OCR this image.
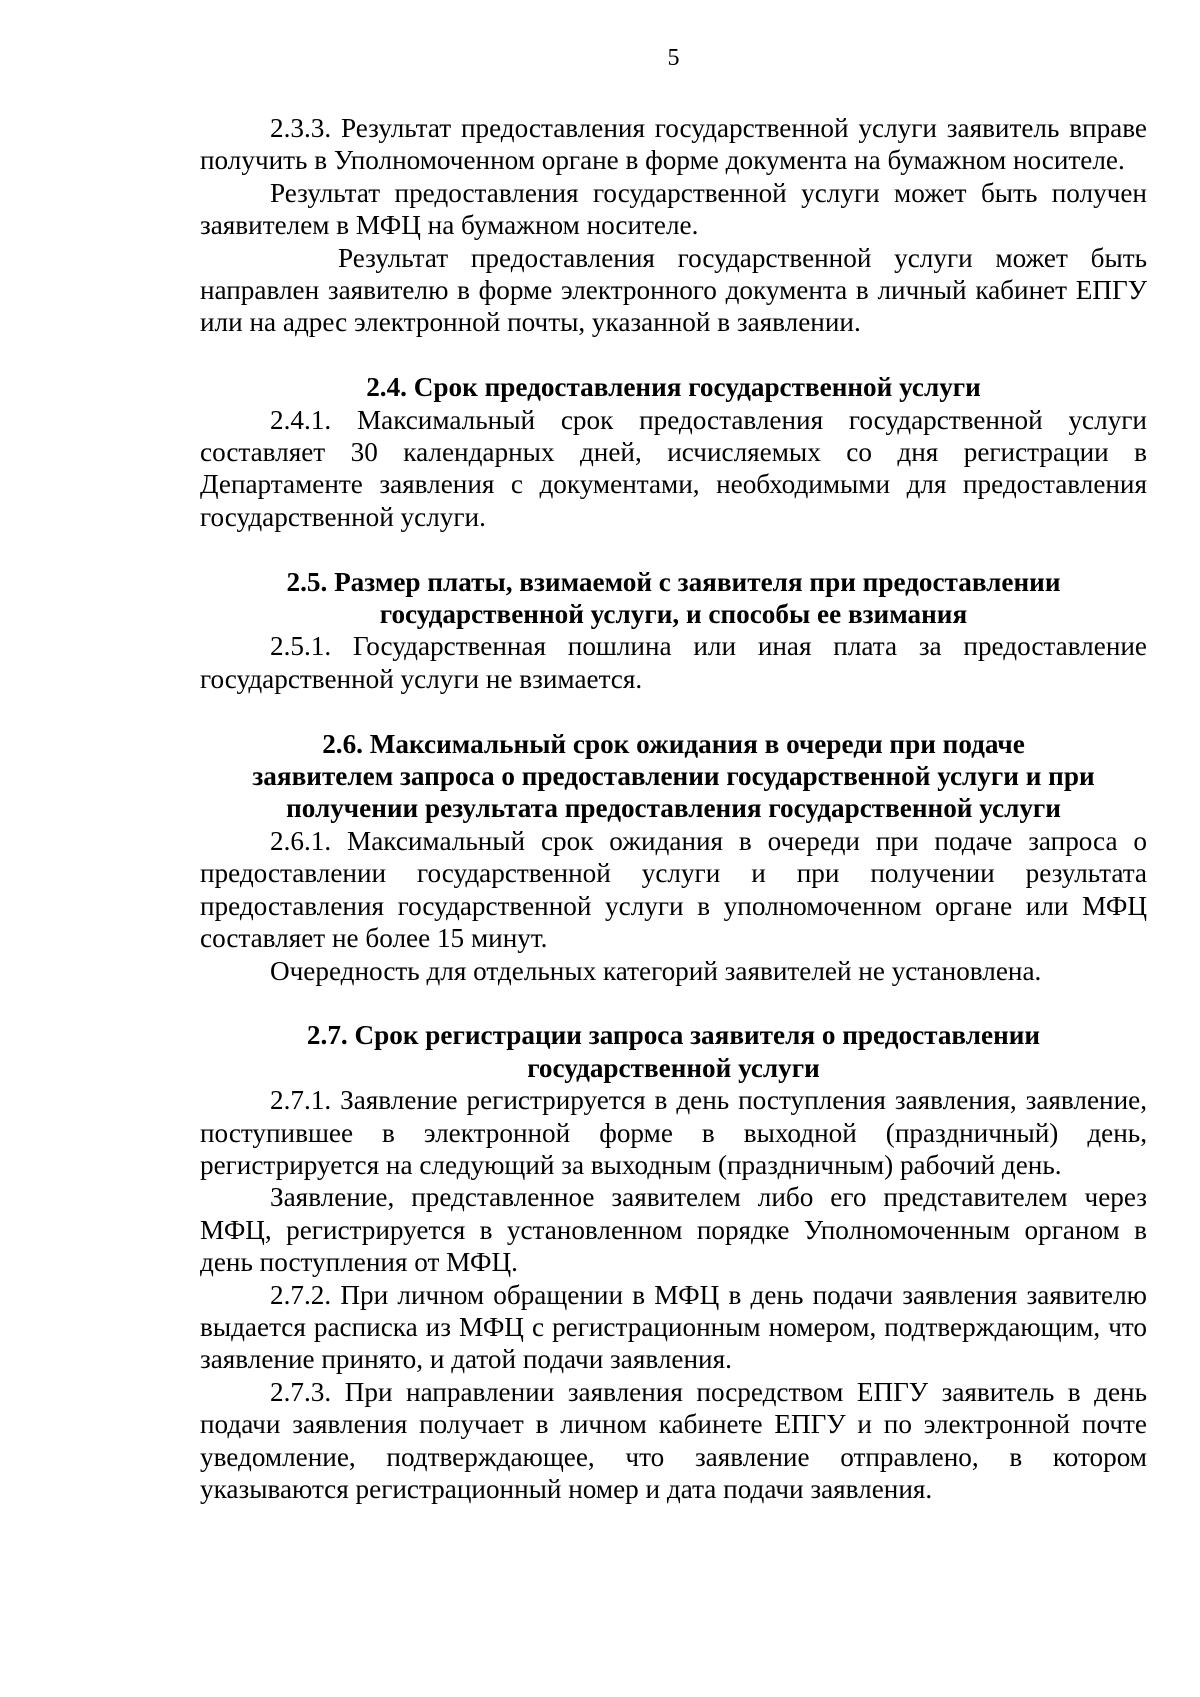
5

2.3.3. Результат предоставления государственной услуги заявитель вправе получить в Уполномоченном органе в форме документа на бумажном носителе.

Результат предоставления государственной услуги может быть получен заявителем в МФЦ на бумажном носителе.

Результат предоставления государственной услуги может быть направлен заявителю в форме электронного документа в личный кабинет ЕПГУ или на адрес электронной почты, указанной в заявлении.

2.4. Срок предоставления государственной услуги

2.4.1. Максимальный срок предоставления государственной услуги составляет 30 календарных дней, исчисляемых со дня регистрации в Департаменте заявления с документами, необходимыми для предоставления государственной услуги.

2.5. Размер платы, взимаемой с заявителя при предоставлении
государственной услуги, и способы ее взимания

2.5.1. Государственная пошлина или иная плата за предоставление государственной услуги не взимается.

2.6. Максимальный срок ожидания в очереди при подаче
заявителем запроса о предоставлении государственной услуги и при
получении результата предоставления государственной услуги

2.6.1. Максимальный срок ожидания в очереди при подаче запроса о предоставлении государственной услуги и при получении результата предоставления государственной услуги в уполномоченном органе или МФЦ составляет не более 15 минут.

Очередность для отдельных категорий заявителей не установлена.

2.7. Срок регистрации запроса заявителя о предоставлении
государственной услуги

2.7.1. Заявление регистрируется в день поступления заявления, заявление, поступившее в электронной форме в выходной (праздничный) день, регистрируется на следующий за выходным (праздничным) рабочий день.

Заявление, представленное заявителем либо его представителем через МФЦ, регистрируется в установленном порядке Уполномоченным органом в день поступления от МФЦ.

2.7.2. При личном обращении в МФЦ в день подачи заявления заявителю выдается расписка из МФЦ с регистрационным номером, подтверждающим, что заявление принято, и датой подачи заявления.

2.7.3. При направлении заявления посредством ЕПГУ заявитель в день подачи заявления получает в личном кабинете ЕПГУ и по электронной почте уведомление, подтверждающее, что заявление отправлено, в котором указываются регистрационный номер и дата подачи заявления.
